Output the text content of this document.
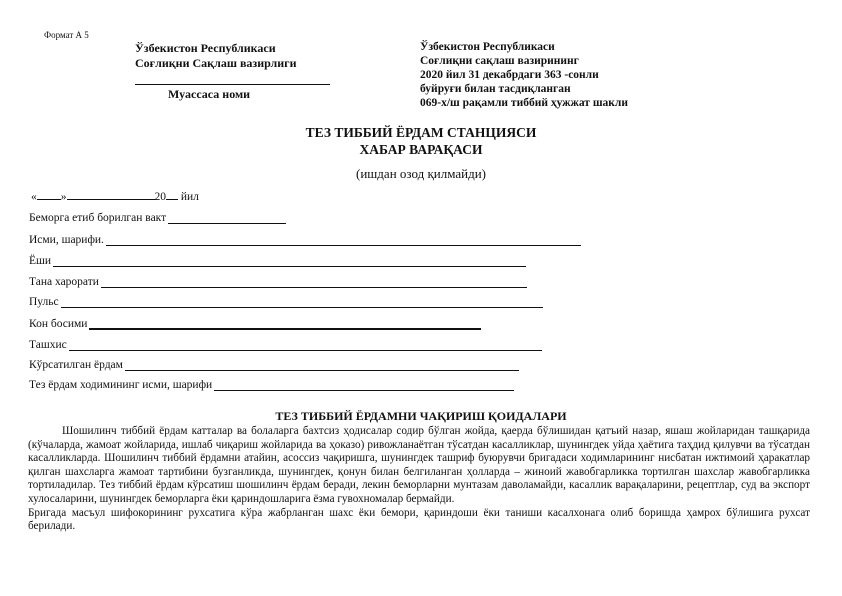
Формат А 5
Ўзбекистон Республикаси
Соғлиқни Сақлаш вазирлиги
Муассаса номи
Ўзбекистон Республикаси
Соғлиқни сақлаш вазирининг
2020 йил 31 декабрдаги 363 -сонли
буйруғи билан тасдиқланган
069-х/ш рақамли тиббий ҳужжат шакли
ТЕЗ ТИББИЙ ЁРДАМ СТАНЦИЯСИ
ХАБАР ВАРАҚАСИ
(ишдан озод қилмайди)
« »	20 йил
Беморга етиб борилган вакт
Исми, шарифи.
Ёши
Тана харорати
Пульс
Кон босими
Ташхис
Кўрсатилган ёрдам
Тез ёрдам ходимининг исми, шарифи
ТЕЗ ТИББИЙ ЁРДАМНИ ЧАҚИРИШ ҚОИДАЛАРИ

Шошилинч тиббий ёрдам катталар ва болаларга бахтсиз ҳодисалар содир бўлган жойда, қаерда бўлишидан қатъий назар, яшаш жойларидан ташқарида (кўчаларда, жамоат жойларида, ишлаб чиқариш жойларида ва ҳоказо) ривожланаётган тўсатдан касалликлар, шунингдек уйда ҳаётига таҳдид қилувчи ва тўсатдан касалликларда. Шошилинч тиббий ёрдамни атайин, асоссиз чақиришга, шунингдек ташриф буюрувчи бригадаси ходимларининг нисбатан ижтимоий ҳаракатлар қилган шахсларга жамоат тартибини бузганликда, шунингдек, қонун билан белгиланган ҳолларда – жиноий жавобгарликка тортилган шахслар жавобгарликка тортиладилар. Тез тиббий ёрдам кўрсатиш шошилинч ёрдам беради, лекин беморларни мунтазам даволамайди, касаллик варақаларини, рецептлар, суд ва экспорт хулосаларини, шунингдек беморларга ёки қариндошларига ёзма гувохномалар бермайди.

Бригада масъул шифокорининг рухсатига кўра жабрланган шахс ёки бемори, қариндоши ёки таниши касалхонага олиб боришда ҳамрох бўлишига рухсат берилади.
